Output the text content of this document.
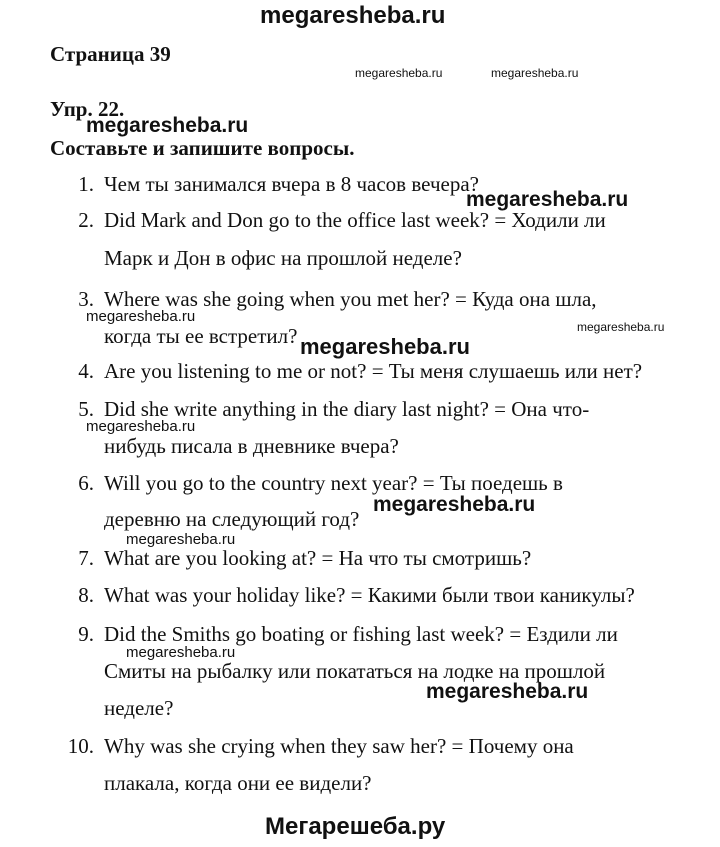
megaresheba.ru
Страница 39
megaresheba.ru	megaresheba.ru
Упр. 22.
megaresheba.ru
Составьте и запишите вопросы.
1. Чем ты занимался вчера в 8 часов вечера?
megaresheba.ru
2. Did Mark and Don go to the office last week? = Ходили ли
Марк и Дон в офис на прошлой неделе?
3. Where was she going when you met her? = Куда она шла,
megaresheba.ru
когда ты ее встретил?	megaresheba.ru
megaresheba.ru
4. Are you listening to me or not? = Ты меня слушаешь или нет?
5. Did she write anything in the diary last night? = Она что-
megaresheba.ru
нибудь писала в дневнике вчера?
6. Will you go to the country next year? = Ты поедешь в
megaresheba.ru
деревню на следующий год?
megaresheba.ru
7. What are you looking at? = На что ты смотришь?
8. What was your holiday like? = Какими были твои каникулы?
9. Did the Smiths go boating or fishing last week? = Ездили ли
megaresheba.ru
Смиты на рыбалку или покататься на лодке на прошлой
megaresheba.ru
неделе?
10. Why was she crying when they saw her? = Почему она
плакала, когда они ее видели?
Мегарешеба.ру
